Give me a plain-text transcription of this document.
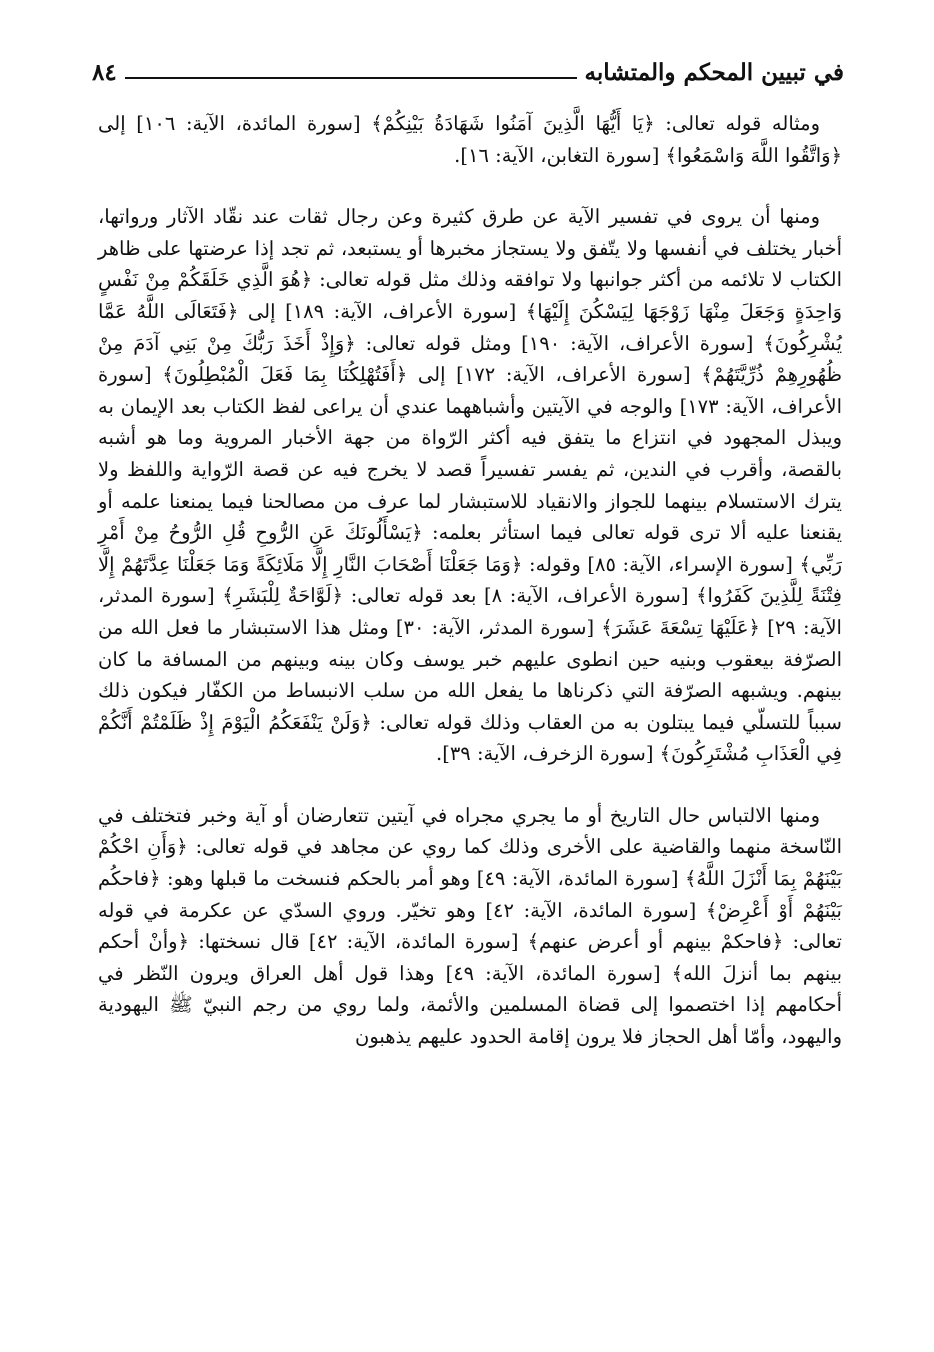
في تبيين المحكم والمتشابه
٨٤

ومثاله قوله تعالى: ﴿يَا أَيُّهَا الَّذِينَ آمَنُوا شَهَادَةُ بَيْنِكُمْ﴾ [سورة المائدة، الآية: ١٠٦] إلى ﴿وَاتَّقُوا اللَّهَ وَاسْمَعُوا﴾ [سورة التغابن، الآية: ١٦].

ومنها أن يروى في تفسير الآية عن طرق كثيرة وعن رجال ثقات عند نقّاد الآثار ورواتها، أخبار يختلف في أنفسها ولا يتّفق ولا يستجاز مخبرها أو يستبعد، ثم تجد إذا عرضتها على ظاهر الكتاب لا تلائمه من أكثر جوانبها ولا توافقه وذلك مثل قوله تعالى: ﴿هُوَ الَّذِي خَلَقَكُمْ مِنْ نَفْسٍ وَاحِدَةٍ وَجَعَلَ مِنْهَا زَوْجَهَا لِيَسْكُنَ إِلَيْهَا﴾ [سورة الأعراف، الآية: ١٨٩] إلى ﴿فَتَعَالَى اللَّهُ عَمَّا يُشْرِكُونَ﴾ [سورة الأعراف، الآية: ١٩٠] ومثل قوله تعالى: ﴿وَإِذْ أَخَذَ رَبُّكَ مِنْ بَنِي آدَمَ مِنْ ظُهُورِهِمْ ذُرِّيَّتَهُمْ﴾ [سورة الأعراف، الآية: ١٧٢] إلى ﴿أَفَتُهْلِكُنَا بِمَا فَعَلَ الْمُبْطِلُونَ﴾ [سورة الأعراف، الآية: ١٧٣] والوجه في الآيتين وأشباههما عندي أن يراعى لفظ الكتاب بعد الإيمان به ويبذل المجهود في انتزاع ما يتفق فيه أكثر الرّواة من جهة الأخبار المروية وما هو أشبه بالقصة، وأقرب في الندين، ثم يفسر تفسيراً قصد لا يخرج فيه عن قصة الرّواية واللفظ ولا يترك الاستسلام بينهما للجواز والانقياد للاستبشار لما عرف من مصالحنا فيما يمنعنا علمه أو يقنعنا عليه ألا ترى قوله تعالى فيما استأثر بعلمه: ﴿يَسْأَلُونَكَ عَنِ الرُّوحِ قُلِ الرُّوحُ مِنْ أَمْرِ رَبِّي﴾ [سورة الإسراء، الآية: ٨٥] وقوله: ﴿وَمَا جَعَلْنَا أَصْحَابَ النَّارِ إِلَّا مَلَائِكَةً وَمَا جَعَلْنَا عِدَّتَهُمْ إِلَّا فِتْنَةً لِلَّذِينَ كَفَرُوا﴾ [سورة الأعراف، الآية: ٨] بعد قوله تعالى: ﴿لَوَّاحَةٌ لِلْبَشَرِ﴾ [سورة المدثر، الآية: ٢٩] ﴿عَلَيْهَا تِسْعَةَ عَشَرَ﴾ [سورة المدثر، الآية: ٣٠] ومثل هذا الاستبشار ما فعل الله من الصرّفة بيعقوب وبنيه حين انطوى عليهم خبر يوسف وكان بينه وبينهم من المسافة ما كان بينهم. ويشبهه الصرّفة التي ذكرناها ما يفعل الله من سلب الانبساط من الكفّار فيكون ذلك سبباً للتسلّي فيما يبتلون به من العقاب وذلك قوله تعالى: ﴿وَلَنْ يَنْفَعَكُمُ الْيَوْمَ إِذْ ظَلَمْتُمْ أَنَّكُمْ فِي الْعَذَابِ مُشْتَرِكُونَ﴾ [سورة الزخرف، الآية: ٣٩].

ومنها الالتباس حال التاريخ أو ما يجري مجراه في آيتين تتعارضان أو آية وخبر فتختلف في النّاسخة منهما والقاضية على الأخرى وذلك كما روي عن مجاهد في قوله تعالى: ﴿وَأَنِ احْكُمْ بَيْنَهُمْ بِمَا أَنْزَلَ اللَّهُ﴾ [سورة المائدة، الآية: ٤٩] وهو أمر بالحكم فنسخت ما قبلها وهو: ﴿فاحكُم بَيْنَهُمْ أَوْ أَعْرِضْ﴾ [سورة المائدة، الآية: ٤٢] وهو تخيّر. وروي السدّي عن عكرمة في قوله تعالى: ﴿فاحكمْ بينهم أو أعرض عنهم﴾ [سورة المائدة، الآية: ٤٢] قال نسختها: ﴿وأنْ أحكم بينهم بما أنزلَ الله﴾ [سورة المائدة، الآية: ٤٩] وهذا قول أهل العراق ويرون النّظر في أحكامهم إذا اختصموا إلى قضاة المسلمين والأئمة، ولما روي من رجم النبيّ ﷺ اليهودية واليهود، وأمّا أهل الحجاز فلا يرون إقامة الحدود عليهم يذهبون
